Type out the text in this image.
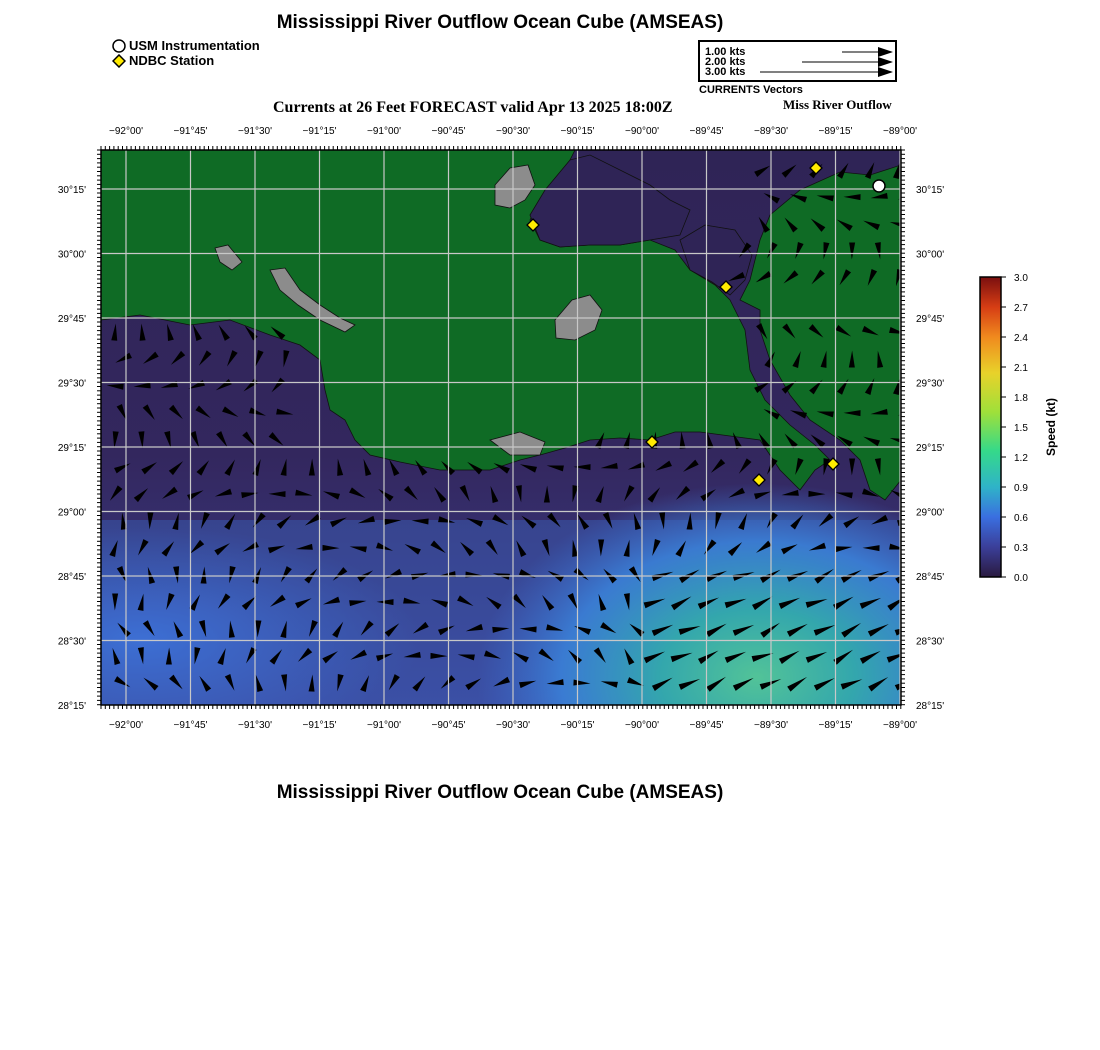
Mississippi River Outflow Ocean Cube (AMSEAS)
Mississippi River Outflow Ocean Cube (AMSEAS)
USM Instrumentation
NDBC Station
1.00 kts
2.00 kts
3.00 kts
CURRENTS Vectors
Currents at 26 Feet FORECAST valid Apr 13 2025 18:00Z	Miss River Outflow
−92°00'	−91°45'	−91°30'	−91°15'	−91°00'	−90°45'	−90°30'	−90°15'	−90°00'	−89°45'	−89°30'	−89°15'	−89°00'
−92°00'	−91°45'	−91°30'	−91°15'	−91°00'	−90°45'	−90°30'	−90°15'	−90°00'	−89°45'	−89°30'	−89°15'	−89°00'
30°15'
30°00'
29°45'
29°30'
29°15'
29°00'
28°45'
28°30'
28°15'
30°15'
30°00'
29°45'
29°30'
29°15'
29°00'
28°45'
28°30'
28°15'
3.0
2.7
2.4
2.1
1.8
1.5
1.2
0.9
0.6
0.3
0.0
Speed (kt)
